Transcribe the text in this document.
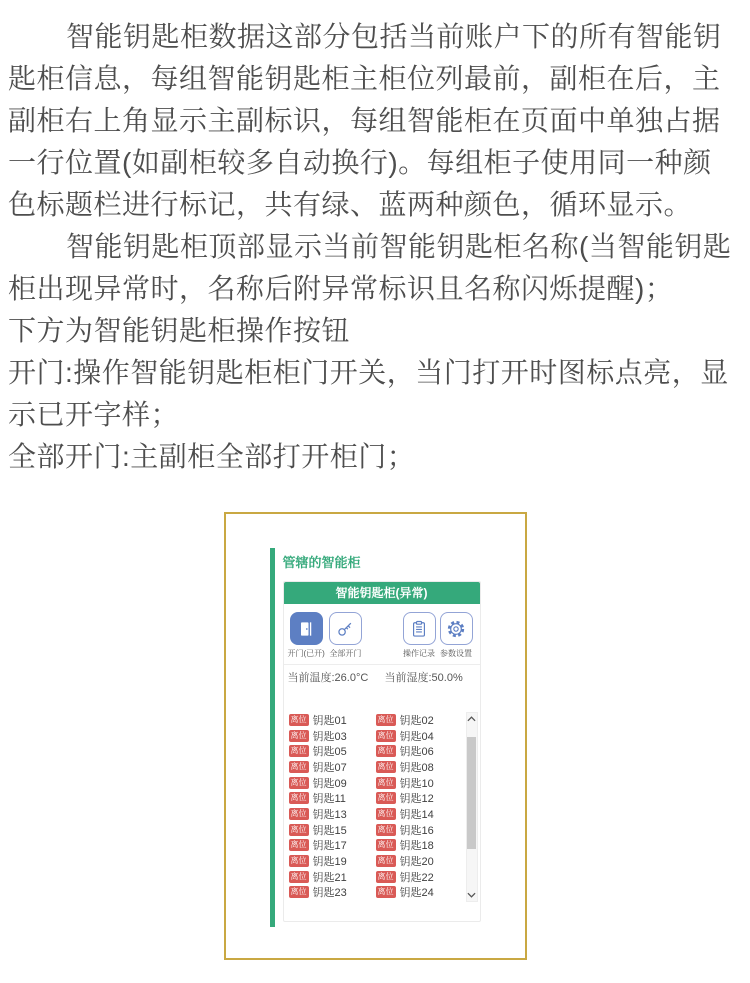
智能钥匙柜数据这部分包括当前账户下的所有智能钥匙柜信息，每组智能钥匙柜主柜位列最前，副柜在后，主副柜右上角显示主副标识，每组智能柜在页面中单独占据一行位置(如副柜较多自动换行)。每组柜子使用同一种颜色标题栏进行标记，共有绿、蓝两种颜色，循环显示。

智能钥匙柜顶部显示当前智能钥匙柜名称(当智能钥匙柜出现异常时，名称后附异常标识且名称闪烁提醒)；

下方为智能钥匙柜操作按钮

开门:操作智能钥匙柜柜门开关，当门打开时图标点亮，显示已开字样；

全部开门:主副柜全部打开柜门；

管辖的智能柜
智能钥匙柜(异常)
开门(已开) 全部开门	操作记录 参数设置
当前温度:26.0°C	当前湿度:50.0%
离位 钥匙01	离位 钥匙02
离位 钥匙03	离位 钥匙04
离位 钥匙05	离位 钥匙06
离位 钥匙07	离位 钥匙08
离位 钥匙09	离位 钥匙10
离位 钥匙11	离位 钥匙12
离位 钥匙13	离位 钥匙14
离位 钥匙15	离位 钥匙16
离位 钥匙17	离位 钥匙18
离位 钥匙19	离位 钥匙20
离位 钥匙21	离位 钥匙22
离位 钥匙23	离位 钥匙24
